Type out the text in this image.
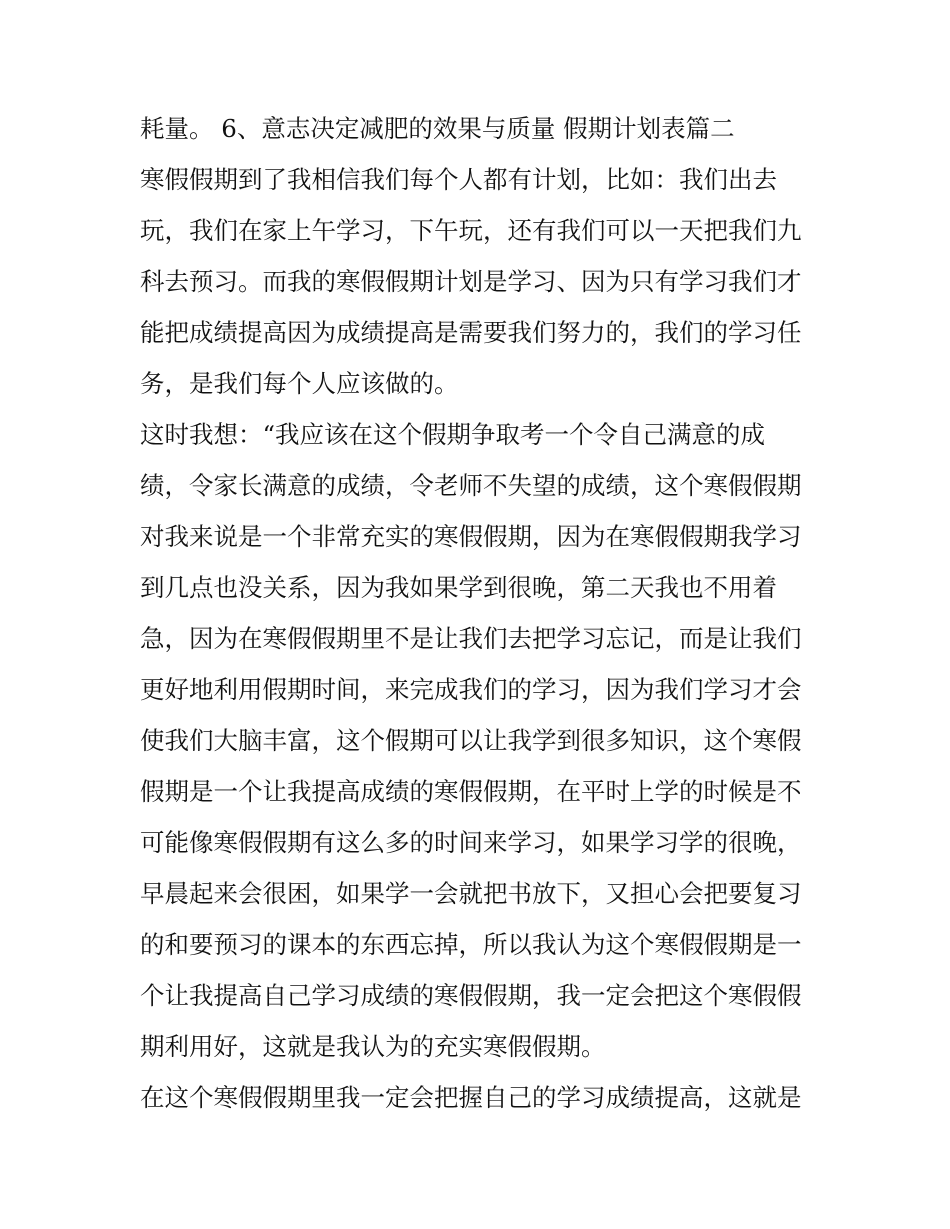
耗量。 6、意志决定减肥的效果与质量 假期计划表篇二
寒假假期到了我相信我们每个人都有计划，比如：我们出去
玩，我们在家上午学习，下午玩，还有我们可以一天把我们九
科去预习。而我的寒假假期计划是学习、因为只有学习我们才
能把成绩提高因为成绩提高是需要我们努力的，我们的学习任
务，是我们每个人应该做的。
这时我想：“我应该在这个假期争取考一个令自己满意的成
绩，令家长满意的成绩，令老师不失望的成绩，这个寒假假期
对我来说是一个非常充实的寒假假期，因为在寒假假期我学习
到几点也没关系，因为我如果学到很晚，第二天我也不用着
急，因为在寒假假期里不是让我们去把学习忘记，而是让我们
更好地利用假期时间，来完成我们的学习，因为我们学习才会
使我们大脑丰富，这个假期可以让我学到很多知识，这个寒假
假期是一个让我提高成绩的寒假假期，在平时上学的时候是不
可能像寒假假期有这么多的时间来学习，如果学习学的很晚，
早晨起来会很困，如果学一会就把书放下，又担心会把要复习
的和要预习的课本的东西忘掉，所以我认为这个寒假假期是一
个让我提高自己学习成绩的寒假假期，我一定会把这个寒假假
期利用好，这就是我认为的充实寒假假期。
在这个寒假假期里我一定会把握自己的学习成绩提高，这就是
